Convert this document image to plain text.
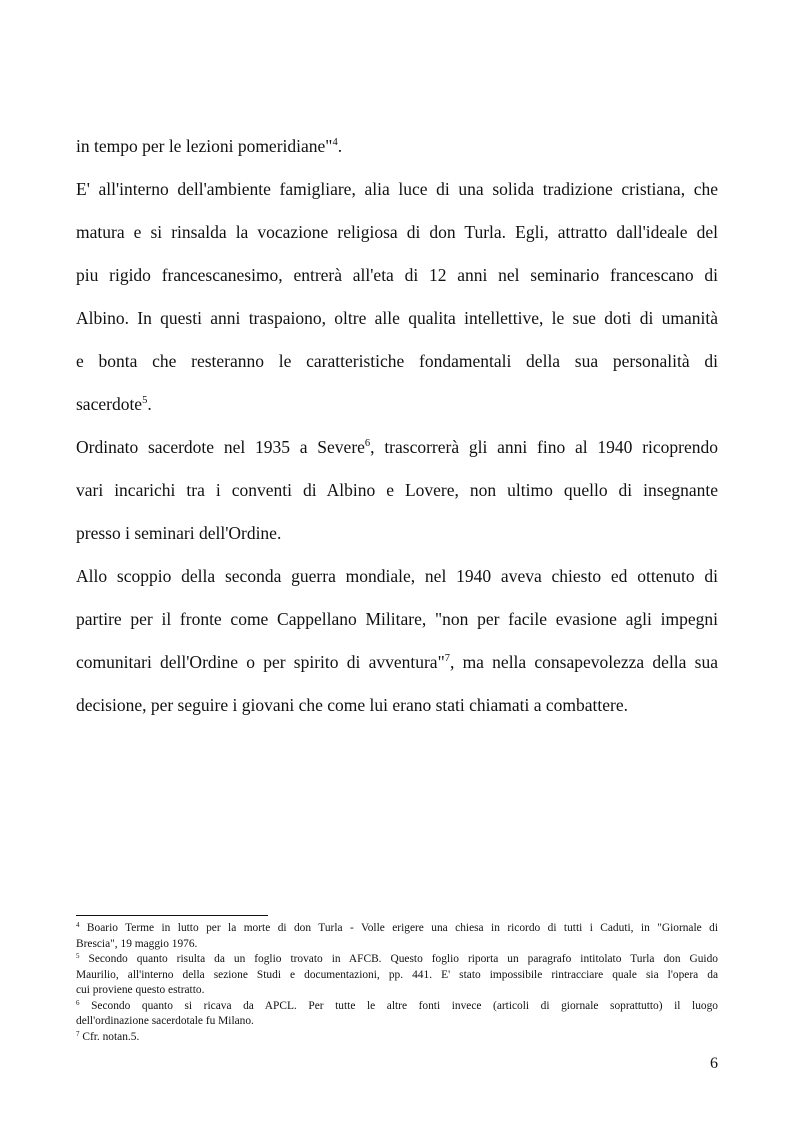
in tempo per le lezioni pomeridiane"$^4$.
E' all'interno dell'ambiente famigliare, alia luce di una solida tradizione cristiana, che
matura e si rinsalda la vocazione religiosa di don Turla. Egli, attratto dall'ideale del
piu rigido francescanesimo, entrerà all'eta di 12 anni nel seminario francescano di
Albino. In questi anni traspaiono, oltre alle qualita intellettive, le sue doti di umanità
e bonta che resteranno le caratteristiche fondamentali della sua personalità di
sacerdote$^5$.
Ordinato sacerdote nel 1935 a Severe$^6$, trascorrerà gli anni fino al 1940 ricoprendo
vari incarichi tra i conventi di Albino e Lovere, non ultimo quello di insegnante
presso i seminari dell'Ordine.
Allo scoppio della seconda guerra mondiale, nel 1940 aveva chiesto ed ottenuto di
partire per il fronte come Cappellano Militare, "non per facile evasione agli impegni
comunitari dell'Ordine o per spirito di avventura"$^7$, ma nella consapevolezza della sua
decisione, per seguire i giovani che come lui erano stati chiamati a combattere.
$^4$ Boario Terme in lutto per la morte di don Turla - Volle erigere una chiesa in ricordo di tutti i Caduti, in "Giornale di
Brescia", 19 maggio 1976.
$^5$ Secondo quanto risulta da un foglio trovato in AFCB. Questo foglio riporta un paragrafo intitolato Turla don Guido
Maurilio, all'interno della sezione Studi e documentazioni, pp. 441. E' stato impossibile rintracciare quale sia l'opera da
cui proviene questo estratto.
$^6$ Secondo quanto si ricava da APCL. Per tutte le altre fonti invece (articoli di giornale soprattutto) il luogo
dell'ordinazione sacerdotale fu Milano.
$^7$ Cfr. notan.5.
6
